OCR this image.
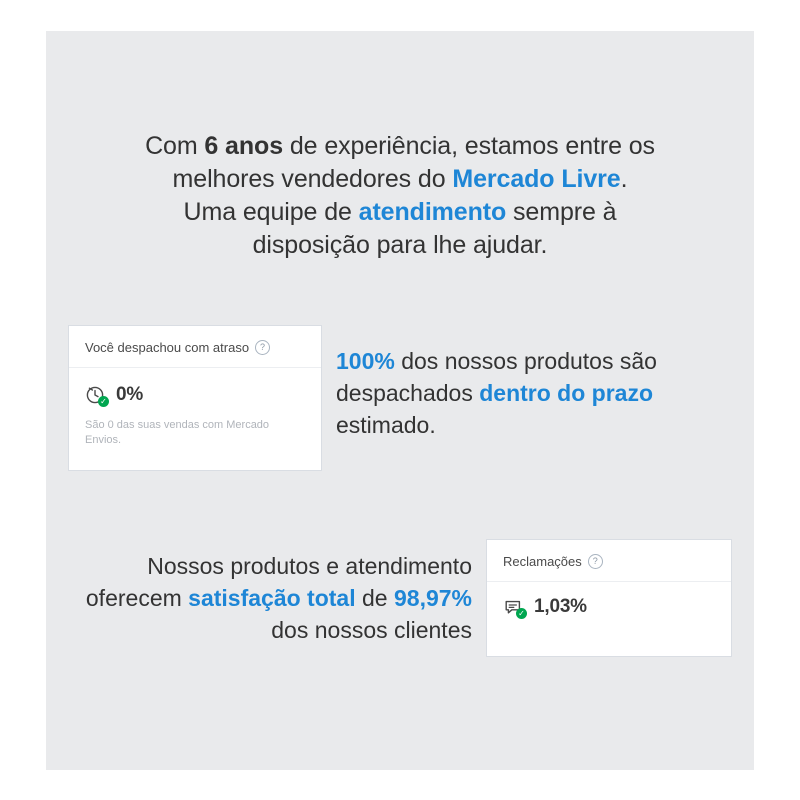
Com 6 anos de experiência, estamos entre os
melhores vendedores do Mercado Livre.
Uma equipe de atendimento sempre à
disposição para lhe ajudar.
Você despachou com atraso	?
✓ 0%
São 0 das suas vendas com Mercado Envios.
100% dos nossos produtos são despachados dentro do prazo estimado.
Nossos produtos e atendimento oferecem satisfação total de 98,97% dos nossos clientes
Reclamações	?
✓ 1,03%
